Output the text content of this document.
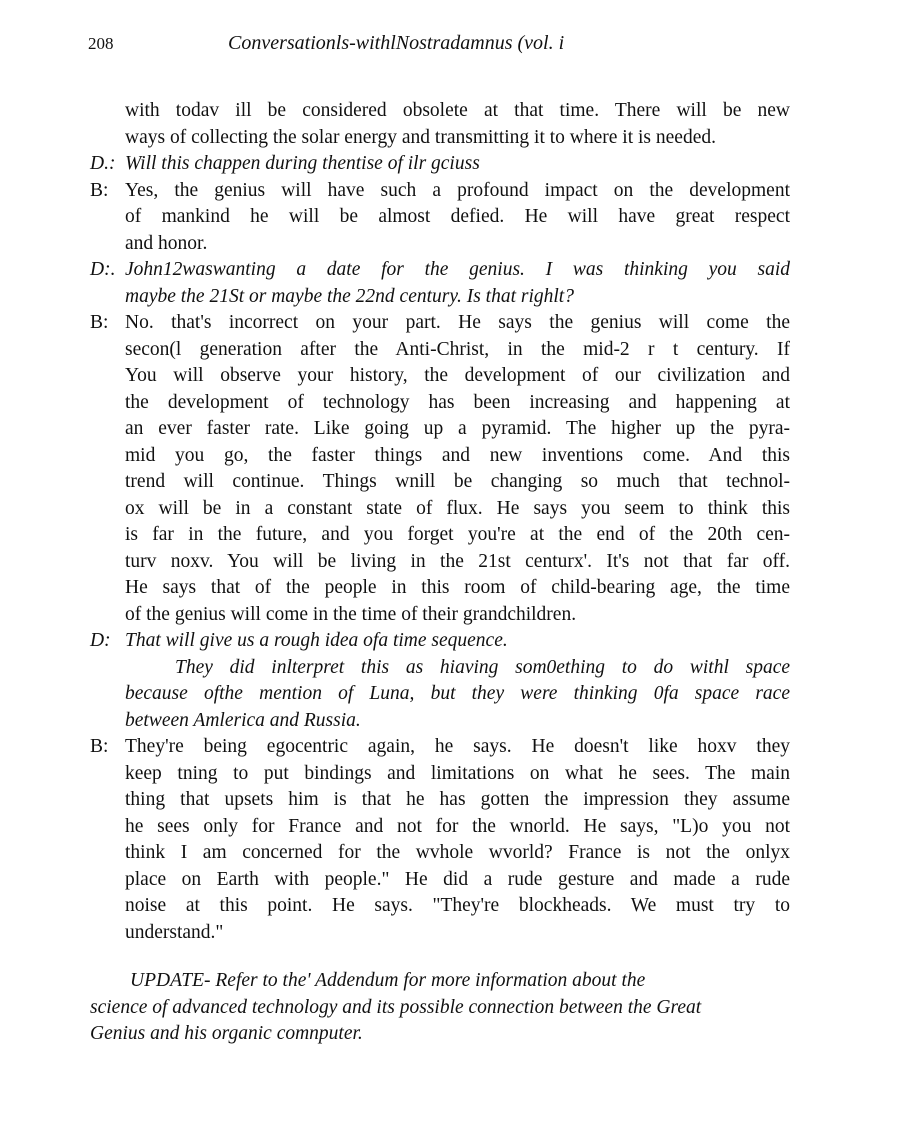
208	Conversationls-withlNostradamnus (vol. i
with todav ill be considered obsolete at that time. There will be new
ways of collecting the solar energy and transmitting it to where it is needed.
D.: Will this chappen during thentise of ilr gciuss
B: Yes, the genius will have such a profound impact on the development
of mankind he will be almost defied. He will have great respect
and honor.
D:. John12waswanting a date for the genius. I was thinking you said
maybe the 21St or maybe the 22nd century. Is that righlt?
B: No. that's incorrect on your part. He says the genius will come the
secon(l generation after the Anti-Christ, in the mid-2 r t century. If
You will observe your history, the development of our civilization and
the development of technology has been increasing and happening at
an ever faster rate. Like going up a pyramid. The higher up the pyra-
mid you go, the faster things and new inventions come. And this
trend will continue. Things wnill be changing so much that technol-
ox will be in a constant state of flux. He says you seem to think this
is far in the future, and you forget you're at the end of the 20th cen-
turv noxv. You will be living in the 21st centurx'. It's not that far off.
He says that of the people in this room of child-bearing age, the time
of the genius will come in the time of their grandchildren.
D: That will give us a rough idea ofa time sequence.
They did inlterpret this as hiaving som0ething to do withl space
because ofthe mention of Luna, but they were thinking 0fa space race
between Amlerica and Russia.
B: They're being egocentric again, he says. He doesn't like hoxv they
keep tning to put bindings and limitations on what he sees. The main
thing that upsets him is that he has gotten the impression they assume
he sees only for France and not for the wnorld. He says, "L)o you not
think I am concerned for the wvhole wvorld? France is not the onlyx
place on Earth with people." He did a rude gesture and made a rude
noise at this point. He says. "They're blockheads. We must try to
understand."
UPDATE- Refer to the' Addendum for more information about the
science of advanced technology and its possible connection between the Great
Genius and his organic comnputer.
